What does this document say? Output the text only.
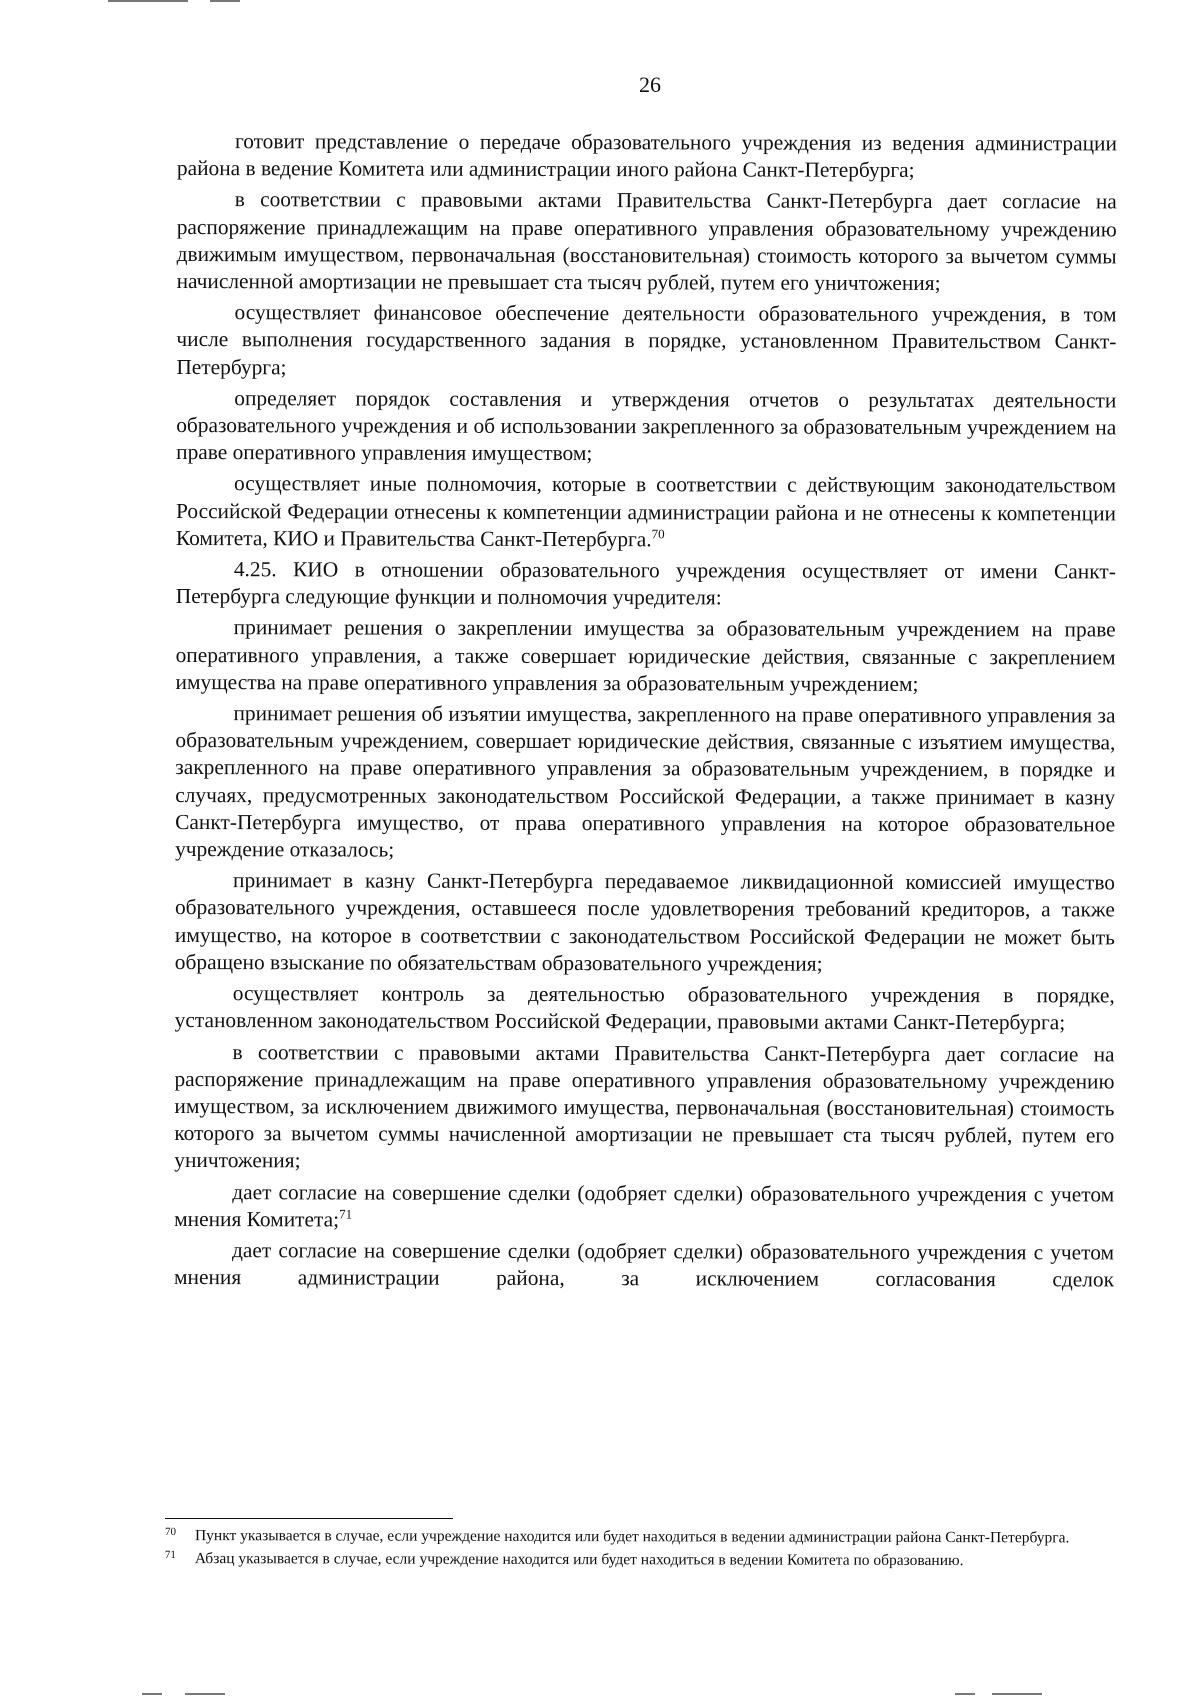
26

готовит представление о передаче образовательного учреждения из ведения администрации района в ведение Комитета или администрации иного района Санкт-Петербурга;

в соответствии с правовыми актами Правительства Санкт-Петербурга дает согласие на распоряжение принадлежащим на праве оперативного управления образовательному учреждению движимым имуществом, первоначальная (восстановительная) стоимость которого за вычетом суммы начисленной амортизации не превышает ста тысяч рублей, путем его уничтожения;

осуществляет финансовое обеспечение деятельности образовательного учреждения, в том числе выполнения государственного задания в порядке, установленном Правительством Санкт-Петербурга;

определяет порядок составления и утверждения отчетов о результатах деятельности образовательного учреждения и об использовании закрепленного за образовательным учреждением на праве оперативного управления имуществом;

осуществляет иные полномочия, которые в соответствии с действующим законодательством Российской Федерации отнесены к компетенции администрации района и не отнесены к компетенции Комитета, КИО и Правительства Санкт-Петербурга.$^{70}$

4.25. КИО в отношении образовательного учреждения осуществляет от имени Санкт-Петербурга следующие функции и полномочия учредителя:

принимает решения о закреплении имущества за образовательным учреждением на праве оперативного управления, а также совершает юридические действия, связанные с закреплением имущества на праве оперативного управления за образовательным учреждением;

принимает решения об изъятии имущества, закрепленного на праве оперативного управления за образовательным учреждением, совершает юридические действия, связанные с изъятием имущества, закрепленного на праве оперативного управления за образовательным учреждением, в порядке и случаях, предусмотренных законодательством Российской Федерации, а также принимает в казну Санкт-Петербурга имущество, от права оперативного управления на которое образовательное учреждение отказалось;

принимает в казну Санкт-Петербурга передаваемое ликвидационной комиссией имущество образовательного учреждения, оставшееся после удовлетворения требований кредиторов, а также имущество, на которое в соответствии с законодательством Российской Федерации не может быть обращено взыскание по обязательствам образовательного учреждения;

осуществляет контроль за деятельностью образовательного учреждения в порядке, установленном законодательством Российской Федерации, правовыми актами Санкт-Петербурга;

в соответствии с правовыми актами Правительства Санкт-Петербурга дает согласие на распоряжение принадлежащим на праве оперативного управления образовательному учреждению имуществом, за исключением движимого имущества, первоначальная (восстановительная) стоимость которого за вычетом суммы начисленной амортизации не превышает ста тысяч рублей, путем его уничтожения;

дает согласие на совершение сделки (одобряет сделки) образовательного учреждения с учетом мнения Комитета;$^{71}$

дает согласие на совершение сделки (одобряет сделки) образовательного учреждения с учетом мнения администрации района, за исключением согласования сделок

70 Пункт указывается в случае, если учреждение находится или будет находиться в ведении администрации района Санкт-Петербурга.
71 Абзац указывается в случае, если учреждение находится или будет находиться в ведении Комитета по образованию.
